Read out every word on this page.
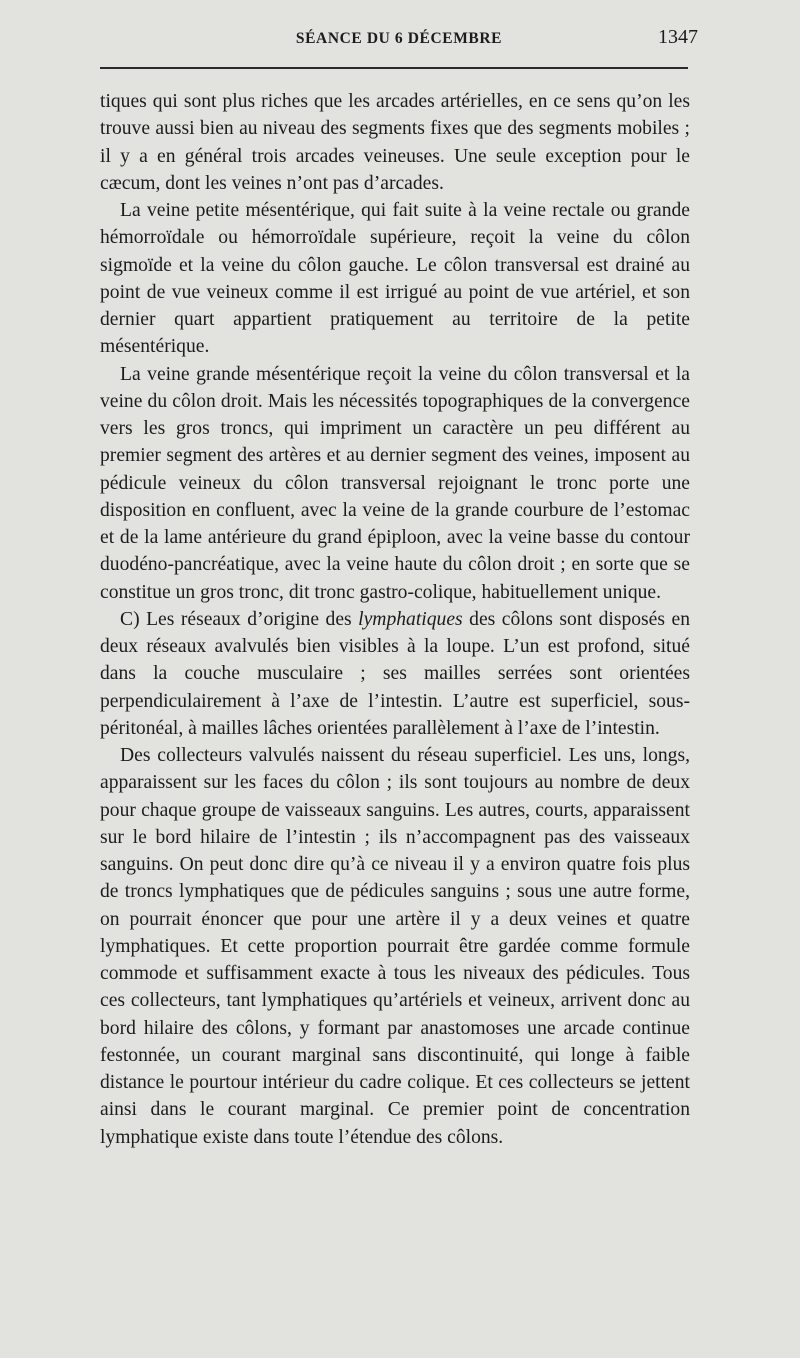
SÉANCE DU 6 DÉCEMBRE	1347

tiques qui sont plus riches que les arcades artérielles, en ce sens qu’on les trouve aussi bien au niveau des segments fixes que des segments mobiles ; il y a en général trois arcades veineuses. Une seule exception pour le cæcum, dont les veines n’ont pas d’arcades.

La veine petite mésentérique, qui fait suite à la veine rectale ou grande hémorroïdale ou hémorroïdale supérieure, reçoit la veine du côlon sigmoïde et la veine du côlon gauche. Le côlon transversal est drainé au point de vue veineux comme il est irrigué au point de vue artériel, et son dernier quart appartient pratiquement au territoire de la petite mésentérique.

La veine grande mésentérique reçoit la veine du côlon transversal et la veine du côlon droit. Mais les nécessités topographiques de la convergence vers les gros troncs, qui impriment un caractère un peu différent au premier segment des artères et au dernier segment des veines, imposent au pédicule veineux du côlon transversal rejoignant le tronc porte une disposition en confluent, avec la veine de la grande courbure de l’estomac et de la lame antérieure du grand épiploon, avec la veine basse du contour duodéno-pancréatique, avec la veine haute du côlon droit ; en sorte que se constitue un gros tronc, dit tronc gastro-colique, habituellement unique.

C) Les réseaux d’origine des lymphatiques des côlons sont disposés en deux réseaux avalvulés bien visibles à la loupe. L’un est profond, situé dans la couche musculaire ; ses mailles serrées sont orientées perpendiculairement à l’axe de l’intestin. L’autre est superficiel, sous-péritonéal, à mailles lâches orientées parallèlement à l’axe de l’intestin.

Des collecteurs valvulés naissent du réseau superficiel. Les uns, longs, apparaissent sur les faces du côlon ; ils sont toujours au nombre de deux pour chaque groupe de vaisseaux sanguins. Les autres, courts, apparaissent sur le bord hilaire de l’intestin ; ils n’accompagnent pas des vaisseaux sanguins. On peut donc dire qu’à ce niveau il y a environ quatre fois plus de troncs lymphatiques que de pédicules sanguins ; sous une autre forme, on pourrait énoncer que pour une artère il y a deux veines et quatre lymphatiques. Et cette proportion pourrait être gardée comme formule commode et suffisamment exacte à tous les niveaux des pédicules. Tous ces collecteurs, tant lymphatiques qu’artériels et veineux, arrivent donc au bord hilaire des côlons, y formant par anastomoses une arcade continue festonnée, un courant marginal sans discontinuité, qui longe à faible distance le pourtour intérieur du cadre colique. Et ces collecteurs se jettent ainsi dans le courant marginal. Ce premier point de concentration lymphatique existe dans toute l’étendue des côlons.
